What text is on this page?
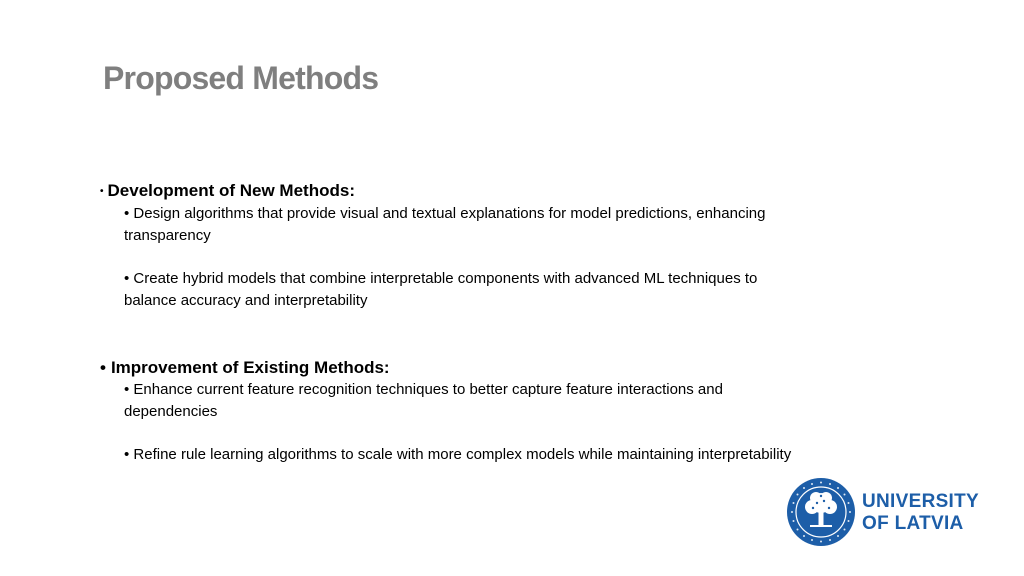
Proposed Methods
• Development of New Methods:
• Design algorithms that provide visual and textual explanations for model predictions, enhancing transparency
• Create hybrid models that combine interpretable components with advanced ML techniques to balance accuracy and interpretability
• Improvement of Existing Methods:
• Enhance current feature recognition techniques to better capture feature interactions and dependencies
• Refine rule learning algorithms to scale with more complex models while maintaining interpretability
UNIVERSITY
OF LATVIA
